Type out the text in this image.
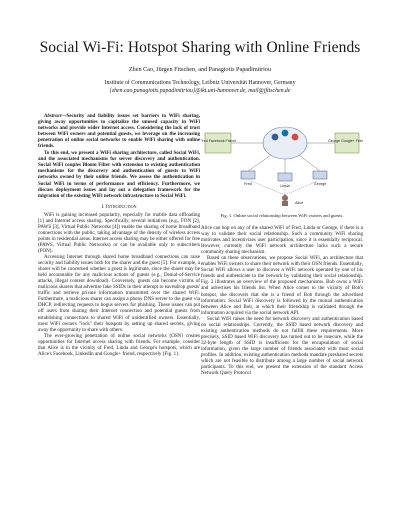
Social Wi-Fi: Hotspot Sharing with Online Friends
Zhen Cao, Jürgen Fitschen, and Panagiotis Papadimitriou
Institute of Communications Technology, Leibniz Universität Hannover, Germany
{zhen.cao,panagiotis.papadimitriou}@ikt.uni-hannover.de, mail@jfitschen.de

Abstract—Security and liability issues set barriers to WiFi sharing, giving away opportunities to capitalize the unused capacity in WiFi networks and provide wider Internet access. Considering the lack of trust between WiFi owners and potential guests, we leverage on the increasing penetration of online social networks to enable WiFi sharing with online friends.

To this end, we present a WiFi sharing architecture, called Social WiFi, and the associated mechanisms for server discovery and authentication. Social WiFi couples Bloom Filter with extension to existing authentication mechanisms for the discovery and authentication of guests to WiFi networks owned by their online friends. We assess the authentication in Social WiFi in terms of performance and efficiency. Furthermore, we discuss deployment issues and lay out a delegation framework for the migration of the existing WiFi network infrastructure to Social WiFi.

I. Introduction

WiFi is gaining increased popularity, especially for mobile data offloading [1] and Internet access sharing. Specifically, several initiatives (e.g., FON [2], PAWS [3], Virtual Public Networks [4]) enable the sharing of home broadband connections with the public, taking advantage of the density of wireless access points in residential areas. Internet access sharing may be either offered for free (PAWS, Virtual Public Networks) or can be available only to subscribers (FON).

Accessing Internet through shared home broadband connections can raise security and liability issues both for the sharer and the guest [5]. For example, a sharer will be concerned whether a guest is legitimate, since the sharer may be held accountable for any malicious actions of guests (e.g., Denial-of-Service attacks, illegal content download). Conversely, guests can become victims of malicious sharers that advertise fake SSIDs in their attempt to eavesdrop guests' traffic and retrieve private information transmitted over the shared WiFi. Furthermore, a malicious sharer can assign a phony DNS server to the guest via DHCP, redirecting requests to bogus servers for phishing. These issues can put off users from sharing their Internet connection and potential guests from establishing connections to shared WiFi of unidentified owners. Essentially, most WiFi owners "lock" their hotspots by setting up shared secrets, giving away the opportunity to share with others.

The ever-growing penetration of online social networks (OSN) creates opportunities for Internet access sharing with friends. For example, consider that Alice is in the vicinity of Fred, Linda and George's hotspots, which are Alice's Facebook, LinkedIn and Google+ friend, respectively (Fig. 1).

Fred Facebook Friend	George Google+ Friend
Fred	Linda	George
Alice
Fig. 1. Online social relationship between WiFi owners and guests.

Alice can hop on any of the shared WiFi of Fred, Linda or George, if there is a way to validate their social relationship. Such a community WiFi sharing motivates and incentivizes user participation, since it is essentially reciprocal. However, currently the WiFi network architecture lacks such a secure community sharing mechanism.

Based on these observations, we propose Social WiFi, an architecture that enables WiFi owners to share their network with their OSN friends. Essentially, Social WiFi allows a user to discover a WiFi network operated by one of his friends and authenticate to the network by validating their social relationship. Fig. 2 illustrates an overview of the proposed mechanisms. Bob owns a WiFi and advertises his friends list. When Alice comes to the vicinity of Bob's hotspot, she discovers that she is a friend of Bob through the advertised information. Social WiFi discovery is followed by the mutual authentication between Alice and Bob, at which their friendship is validated through the information acquired via the social network API.

Social WiFi raises the need for network discovery and authentication based on social relationships. Currently, the SSID based network discovery and existing authentication methods do not fulfill these requirements. More precisely, SSID based WiFi discovery has turned out to be insecure, while the 32-byte length of SSID is insufficient for the encapsulation of social information, given the large number of friends associated with most social profiles. In addition, existing authentication methods mandate preshared secrets which are not feasible to distribute among a large number of social network participants. To this end, we present the extension of the standard Access Network Query Protocol
